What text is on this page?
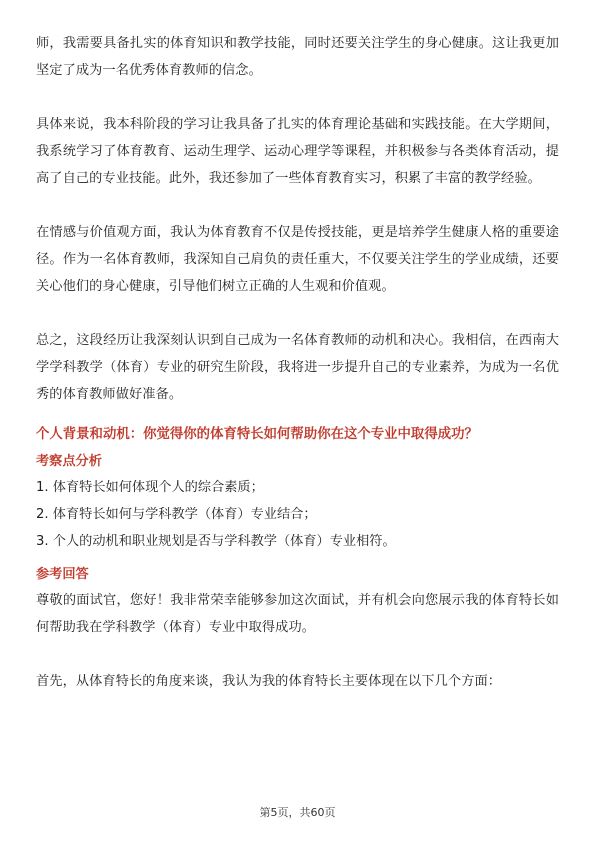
师，我需要具备扎实的体育知识和教学技能，同时还要关注学生的身心健康。这让我更加坚定了成为一名优秀体育教师的信念。

具体来说，我本科阶段的学习让我具备了扎实的体育理论基础和实践技能。在大学期间，我系统学习了体育教育、运动生理学、运动心理学等课程，并积极参与各类体育活动，提高了自己的专业技能。此外，我还参加了一些体育教育实习，积累了丰富的教学经验。

在情感与价值观方面，我认为体育教育不仅是传授技能，更是培养学生健康人格的重要途径。作为一名体育教师，我深知自己肩负的责任重大，不仅要关注学生的学业成绩，还要关心他们的身心健康，引导他们树立正确的人生观和价值观。

总之，这段经历让我深刻认识到自己成为一名体育教师的动机和决心。我相信，在西南大学学科教学（体育）专业的研究生阶段，我将进一步提升自己的专业素养，为成为一名优秀的体育教师做好准备。

个人背景和动机：你觉得你的体育特长如何帮助你在这个专业中取得成功？

考察点分析

1. 体育特长如何体现个人的综合素质；
2. 体育特长如何与学科教学（体育）专业结合；
3. 个人的动机和职业规划是否与学科教学（体育）专业相符。

参考回答

尊敬的面试官，您好！我非常荣幸能够参加这次面试，并有机会向您展示我的体育特长如何帮助我在学科教学（体育）专业中取得成功。

首先，从体育特长的角度来谈，我认为我的体育特长主要体现在以下几个方面：

第5页，共60页
